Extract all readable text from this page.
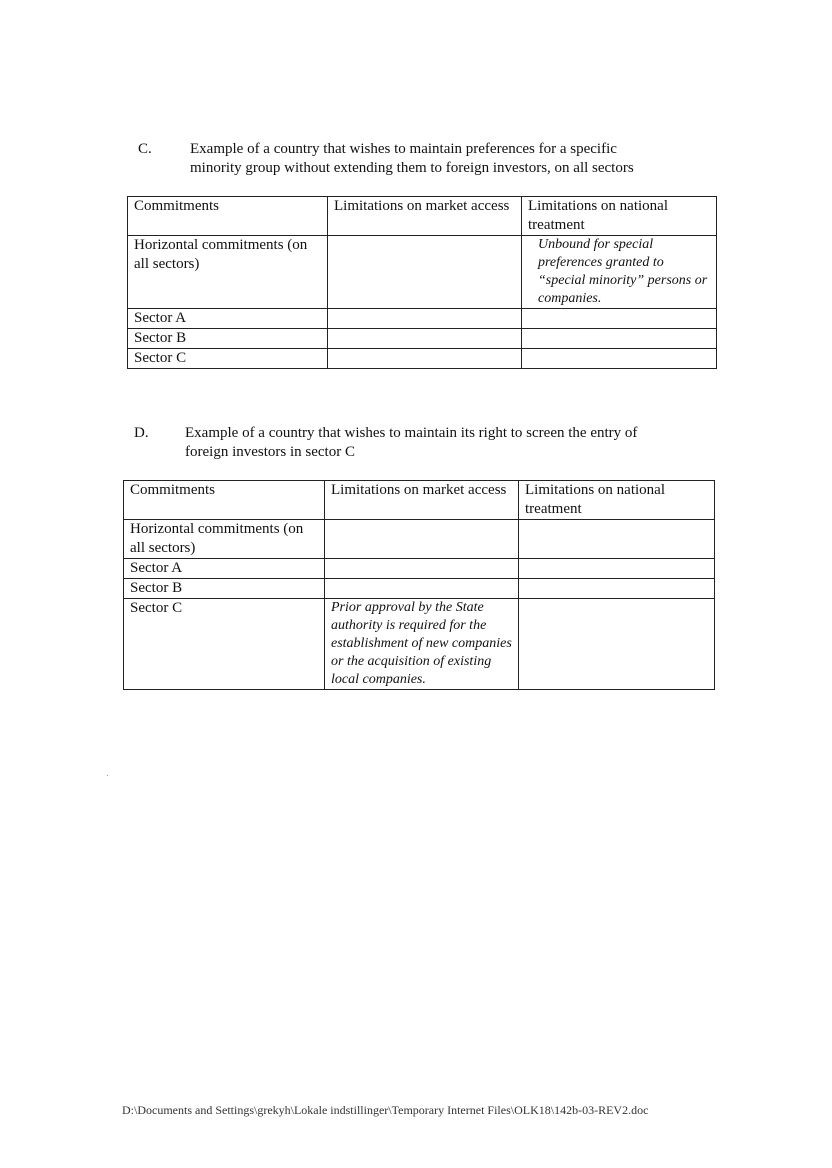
C.	Example of a country that wishes to maintain preferences for a specific
minority group without extending them to foreign investors, on all sectors
Commitments	Limitations on market access	Limitations on national treatment
Horizontal commitments (on all sectors)		Unbound for special preferences granted to “special minority” persons or companies.
Sector A		
Sector B		
Sector C		
D. Example of a country that wishes to maintain its right to screen the entry of
foreign investors in sector C
Commitments	Limitations on market access	Limitations on national treatment
Horizontal commitments (on all sectors)		
Sector A		
Sector B		
Sector C	Prior approval by the State authority is required for the establishment of new companies or the acquisition of existing local companies.	
D:\Documents and Settings\grekyh\Lokale indstillinger\Temporary Internet Files\OLK18\142b-03-REV2.doc
